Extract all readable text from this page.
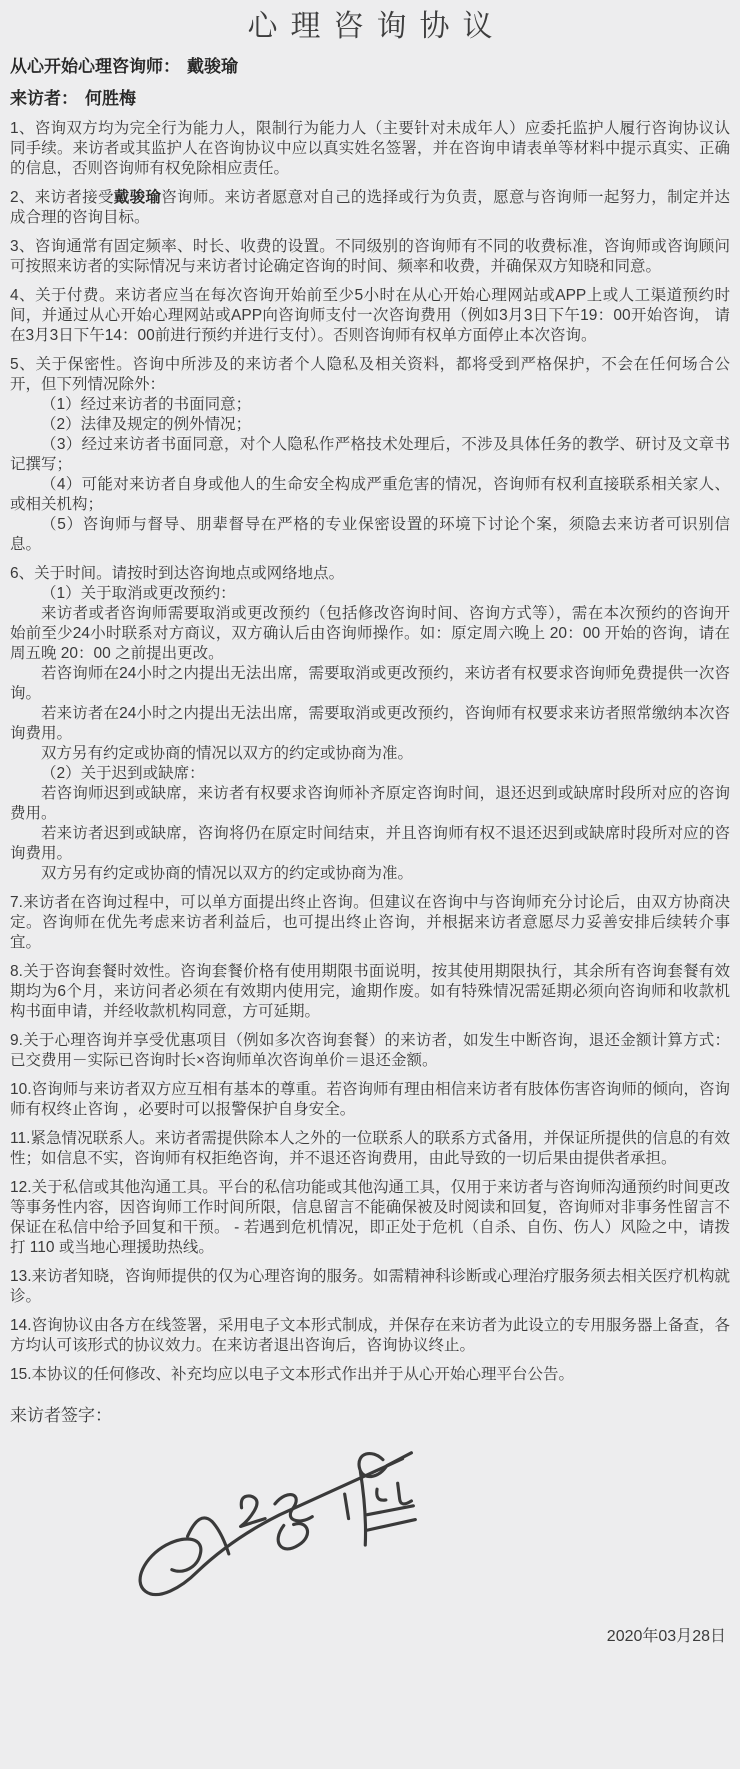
心理咨询协议

从心开始心理咨询师： 戴骏瑜

来访者： 何胜梅

1、咨询双方均为完全行为能力人，限制行为能力人（主要针对未成年人）应委托监护人履行咨询协议认同手续。来访者或其监护人在咨询协议中应以真实姓名签署，并在咨询申请表单等材料中提示真实、正确的信息，否则咨询师有权免除相应责任。

2、来访者接受戴骏瑜咨询师。来访者愿意对自己的选择或行为负责，愿意与咨询师一起努力，制定并达成合理的咨询目标。

3、咨询通常有固定频率、时长、收费的设置。不同级别的咨询师有不同的收费标准，咨询师或咨询顾问可按照来访者的实际情况与来访者讨论确定咨询的时间、频率和收费，并确保双方知晓和同意。

4、关于付费。来访者应当在每次咨询开始前至少5小时在从心开始心理网站或APP上或人工渠道预约时间，并通过从心开始心理网站或APP向咨询师支付一次咨询费用（例如3月3日下午19：00开始咨询， 请在3月3日下午14：00前进行预约并进行支付）。否则咨询师有权单方面停止本次咨询。

5、关于保密性。咨询中所涉及的来访者个人隐私及相关资料，都将受到严格保护，不会在任何场合公开，但下列情况除外：

（1）经过来访者的书面同意；

（2）法律及规定的例外情况；

（3）经过来访者书面同意，对个人隐私作严格技术处理后，不涉及具体任务的教学、研讨及文章书记撰写；

（4）可能对来访者自身或他人的生命安全构成严重危害的情况，咨询师有权利直接联系相关家人、或相关机构；

（5）咨询师与督导、朋辈督导在严格的专业保密设置的环境下讨论个案，须隐去来访者可识别信息。

6、关于时间。请按时到达咨询地点或网络地点。

（1）关于取消或更改预约：

来访者或者咨询师需要取消或更改预约（包括修改咨询时间、咨询方式等），需在本次预约的咨询开始前至少24小时联系对方商议，双方确认后由咨询师操作。如：原定周六晚上 20：00 开始的咨询，请在周五晚 20：00 之前提出更改。

若咨询师在24小时之内提出无法出席，需要取消或更改预约，来访者有权要求咨询师免费提供一次咨询。

若来访者在24小时之内提出无法出席，需要取消或更改预约，咨询师有权要求来访者照常缴纳本次咨询费用。

双方另有约定或协商的情况以双方的约定或协商为准。

（2）关于迟到或缺席：

若咨询师迟到或缺席，来访者有权要求咨询师补齐原定咨询时间，退还迟到或缺席时段所对应的咨询费用。

若来访者迟到或缺席，咨询将仍在原定时间结束，并且咨询师有权不退还迟到或缺席时段所对应的咨询费用。

双方另有约定或协商的情况以双方的约定或协商为准。

7.来访者在咨询过程中，可以单方面提出终止咨询。但建议在咨询中与咨询师充分讨论后，由双方协商决定。咨询师在优先考虑来访者利益后，也可提出终止咨询，并根据来访者意愿尽力妥善安排后续转介事宜。

8.关于咨询套餐时效性。咨询套餐价格有使用期限书面说明，按其使用期限执行，其余所有咨询套餐有效期均为6个月，来访问者必须在有效期内使用完，逾期作废。如有特殊情况需延期必须向咨询师和收款机构书面申请，并经收款机构同意，方可延期。

9.关于心理咨询并享受优惠项目（例如多次咨询套餐）的来访者，如发生中断咨询，退还金额计算方式：已交费用－实际已咨询时长×咨询师单次咨询单价＝退还金额。

10.咨询师与来访者双方应互相有基本的尊重。若咨询师有理由相信来访者有肢体伤害咨询师的倾向，咨询师有权终止咨询 ，必要时可以报警保护自身安全。

11.紧急情况联系人。来访者需提供除本人之外的一位联系人的联系方式备用，并保证所提供的信息的有效性；如信息不实，咨询师有权拒绝咨询，并不退还咨询费用，由此导致的一切后果由提供者承担。

12.关于私信或其他沟通工具。平台的私信功能或其他沟通工具，仅用于来访者与咨询师沟通预约时间更改等事务性内容，因咨询师工作时间所限，信息留言不能确保被及时阅读和回复，咨询师对非事务性留言不保证在私信中给予回复和干预。 - 若遇到危机情况，即正处于危机（自杀、自伤、伤人）风险之中，请拨打 110 或当地心理援助热线。

13.来访者知晓，咨询师提供的仅为心理咨询的服务。如需精神科诊断或心理治疗服务须去相关医疗机构就诊。

14.咨询协议由各方在线签署，采用电子文本形式制成，并保存在来访者为此设立的专用服务器上备查，各方均认可该形式的协议效力。在来访者退出咨询后，咨询协议终止。

15.本协议的任何修改、补充均应以电子文本形式作出并于从心开始心理平台公告。

来访者签字：

2020年03月28日
